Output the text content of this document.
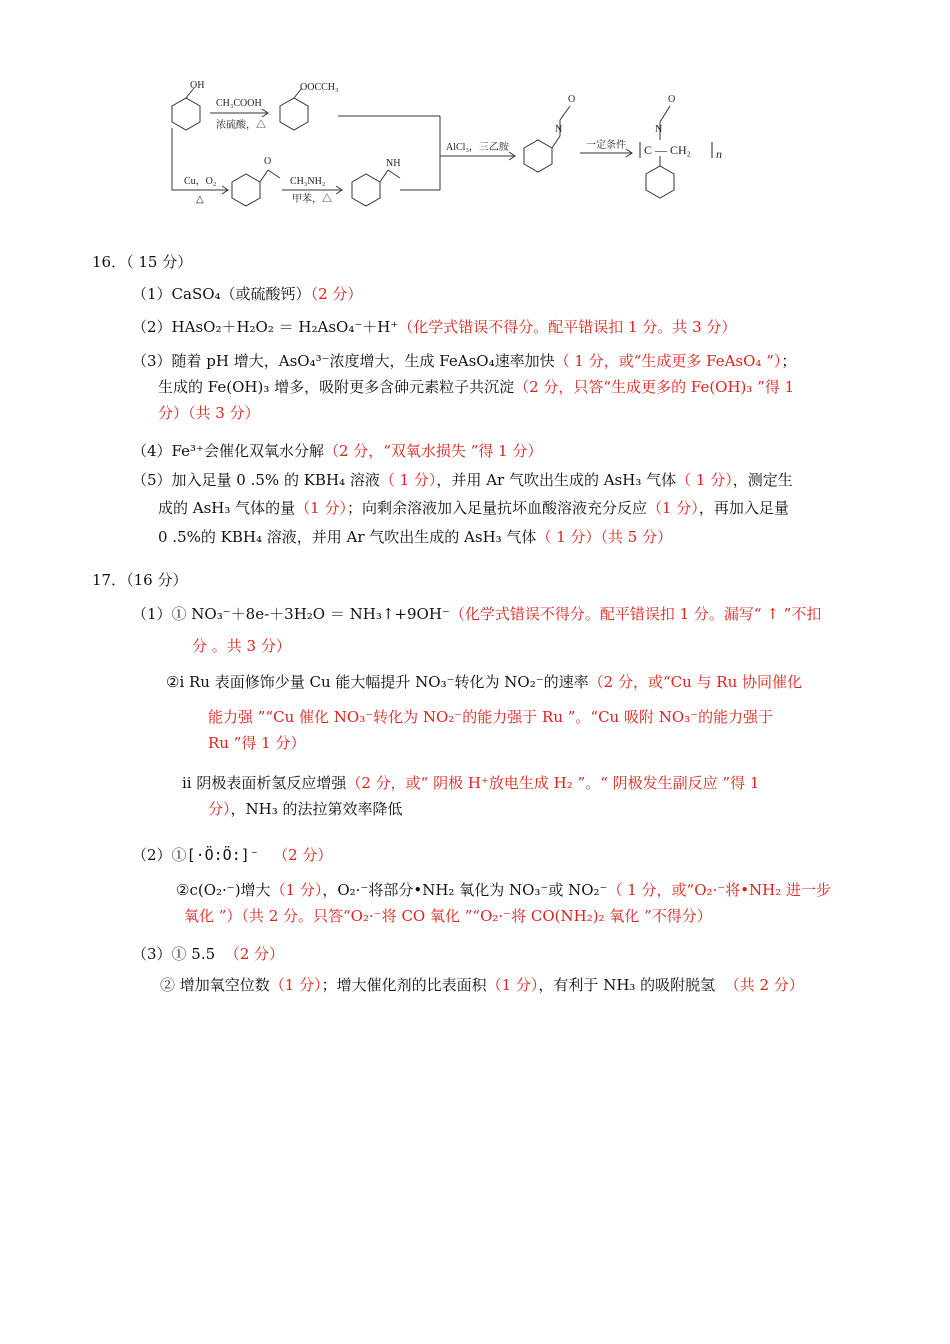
OH	OOCCH₃
CH₃COOH
浓硫酸，△
Cu，O₂
△
O
CH₃NH₂
甲苯，△
NH
AlCl₃，三乙胺
N
O
一定条件
N
O
C — CH₂ n
16．（ 15 分）
（1）CaSO₄（或硫酸钙）（2 分）
（2）HAsO₂＋H₂O₂ ＝ H₂AsO₄⁻＋H⁺（化学式错误不得分。配平错误扣 1 分。共 3 分）
（3）随着 pH 增大，AsO₄³⁻浓度增大，生成 FeAsO₄速率加快（ 1 分，或“生成更多 FeAsO₄ ”）；
生成的 Fe(OH)₃ 增多，吸附更多含砷元素粒子共沉淀（2 分，只答“生成更多的 Fe(OH)₃ ”得 1
分）（共 3 分）
（4）Fe³⁺会催化双氧水分解（2 分，“双氧水损失 ”得 1 分）
（5）加入足量 0 .5% 的 KBH₄ 溶液（ 1 分），并用 Ar 气吹出生成的 AsH₃ 气体（ 1 分），测定生
成的 AsH₃ 气体的量（1 分）；向剩余溶液加入足量抗坏血酸溶液充分反应（1 分），再加入足量
0 .5%的 KBH₄ 溶液，并用 Ar 气吹出生成的 AsH₃ 气体（ 1 分）（共 5 分）
17．（16 分）
（1）① NO₃⁻＋8e-＋3H₂O ＝ NH₃↑+9OH⁻（化学式错误不得分。配平错误扣 1 分。漏写“ ↑ ”不扣
分 。共 3 分）
②i Ru 表面修饰少量 Cu 能大幅提升 NO₃⁻转化为 NO₂⁻的速率（2 分，或“Cu 与 Ru 协同催化
能力强 ”“Cu 催化 NO₃⁻转化为 NO₂⁻的能力强于 Ru ”。“Cu 吸附 NO₃⁻的能力强于
Ru ”得 1 分）
ii 阴极表面析氢反应增强（2 分，或“ 阴极 H⁺放电生成 H₂ ”。“ 阴极发生副反应 ”得 1
分），NH₃ 的法拉第效率降低
（2）①[·Ö:Ö:]⁻ （2 分）
②c(O₂·⁻)增大（1 分），O₂·⁻将部分•NH₂ 氧化为 NO₃⁻或 NO₂⁻（ 1 分，或“O₂·⁻将•NH₂ 进一步
氧化 ”）（共 2 分。只答“O₂·⁻将 CO 氧化 ”“O₂·⁻将 CO(NH₂)₂ 氧化 ”不得分）
（3）① 5.5 （2 分）
② 增加氧空位数（1 分）；增大催化剂的比表面积（1 分），有利于 NH₃ 的吸附脱氢 （共 2 分）
